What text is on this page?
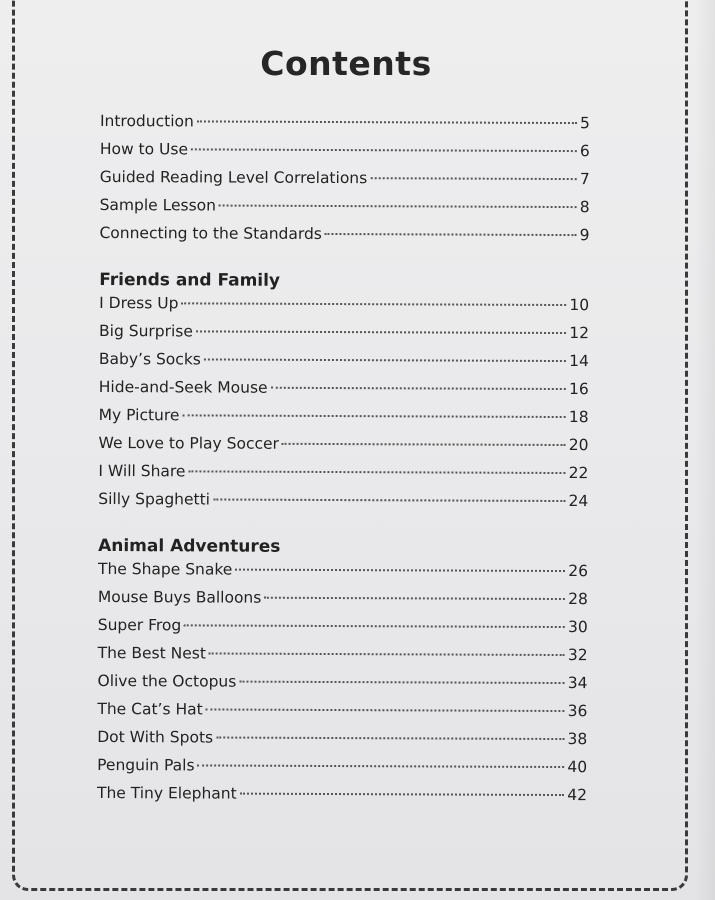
Contents
Introduction	5
How to Use	6
Guided Reading Level Correlations	7
Sample Lesson	8
Connecting to the Standards	9
Friends and Family
I Dress Up	10
Big Surprise	12
Baby’s Socks	14
Hide-and-Seek Mouse	16
My Picture	18
We Love to Play Soccer	20
I Will Share	22
Silly Spaghetti	24
Animal Adventures
The Shape Snake	26
Mouse Buys Balloons	28
Super Frog	30
The Best Nest	32
Olive the Octopus	34
The Cat’s Hat	36
Dot With Spots	38
Penguin Pals	40
The Tiny Elephant	42
